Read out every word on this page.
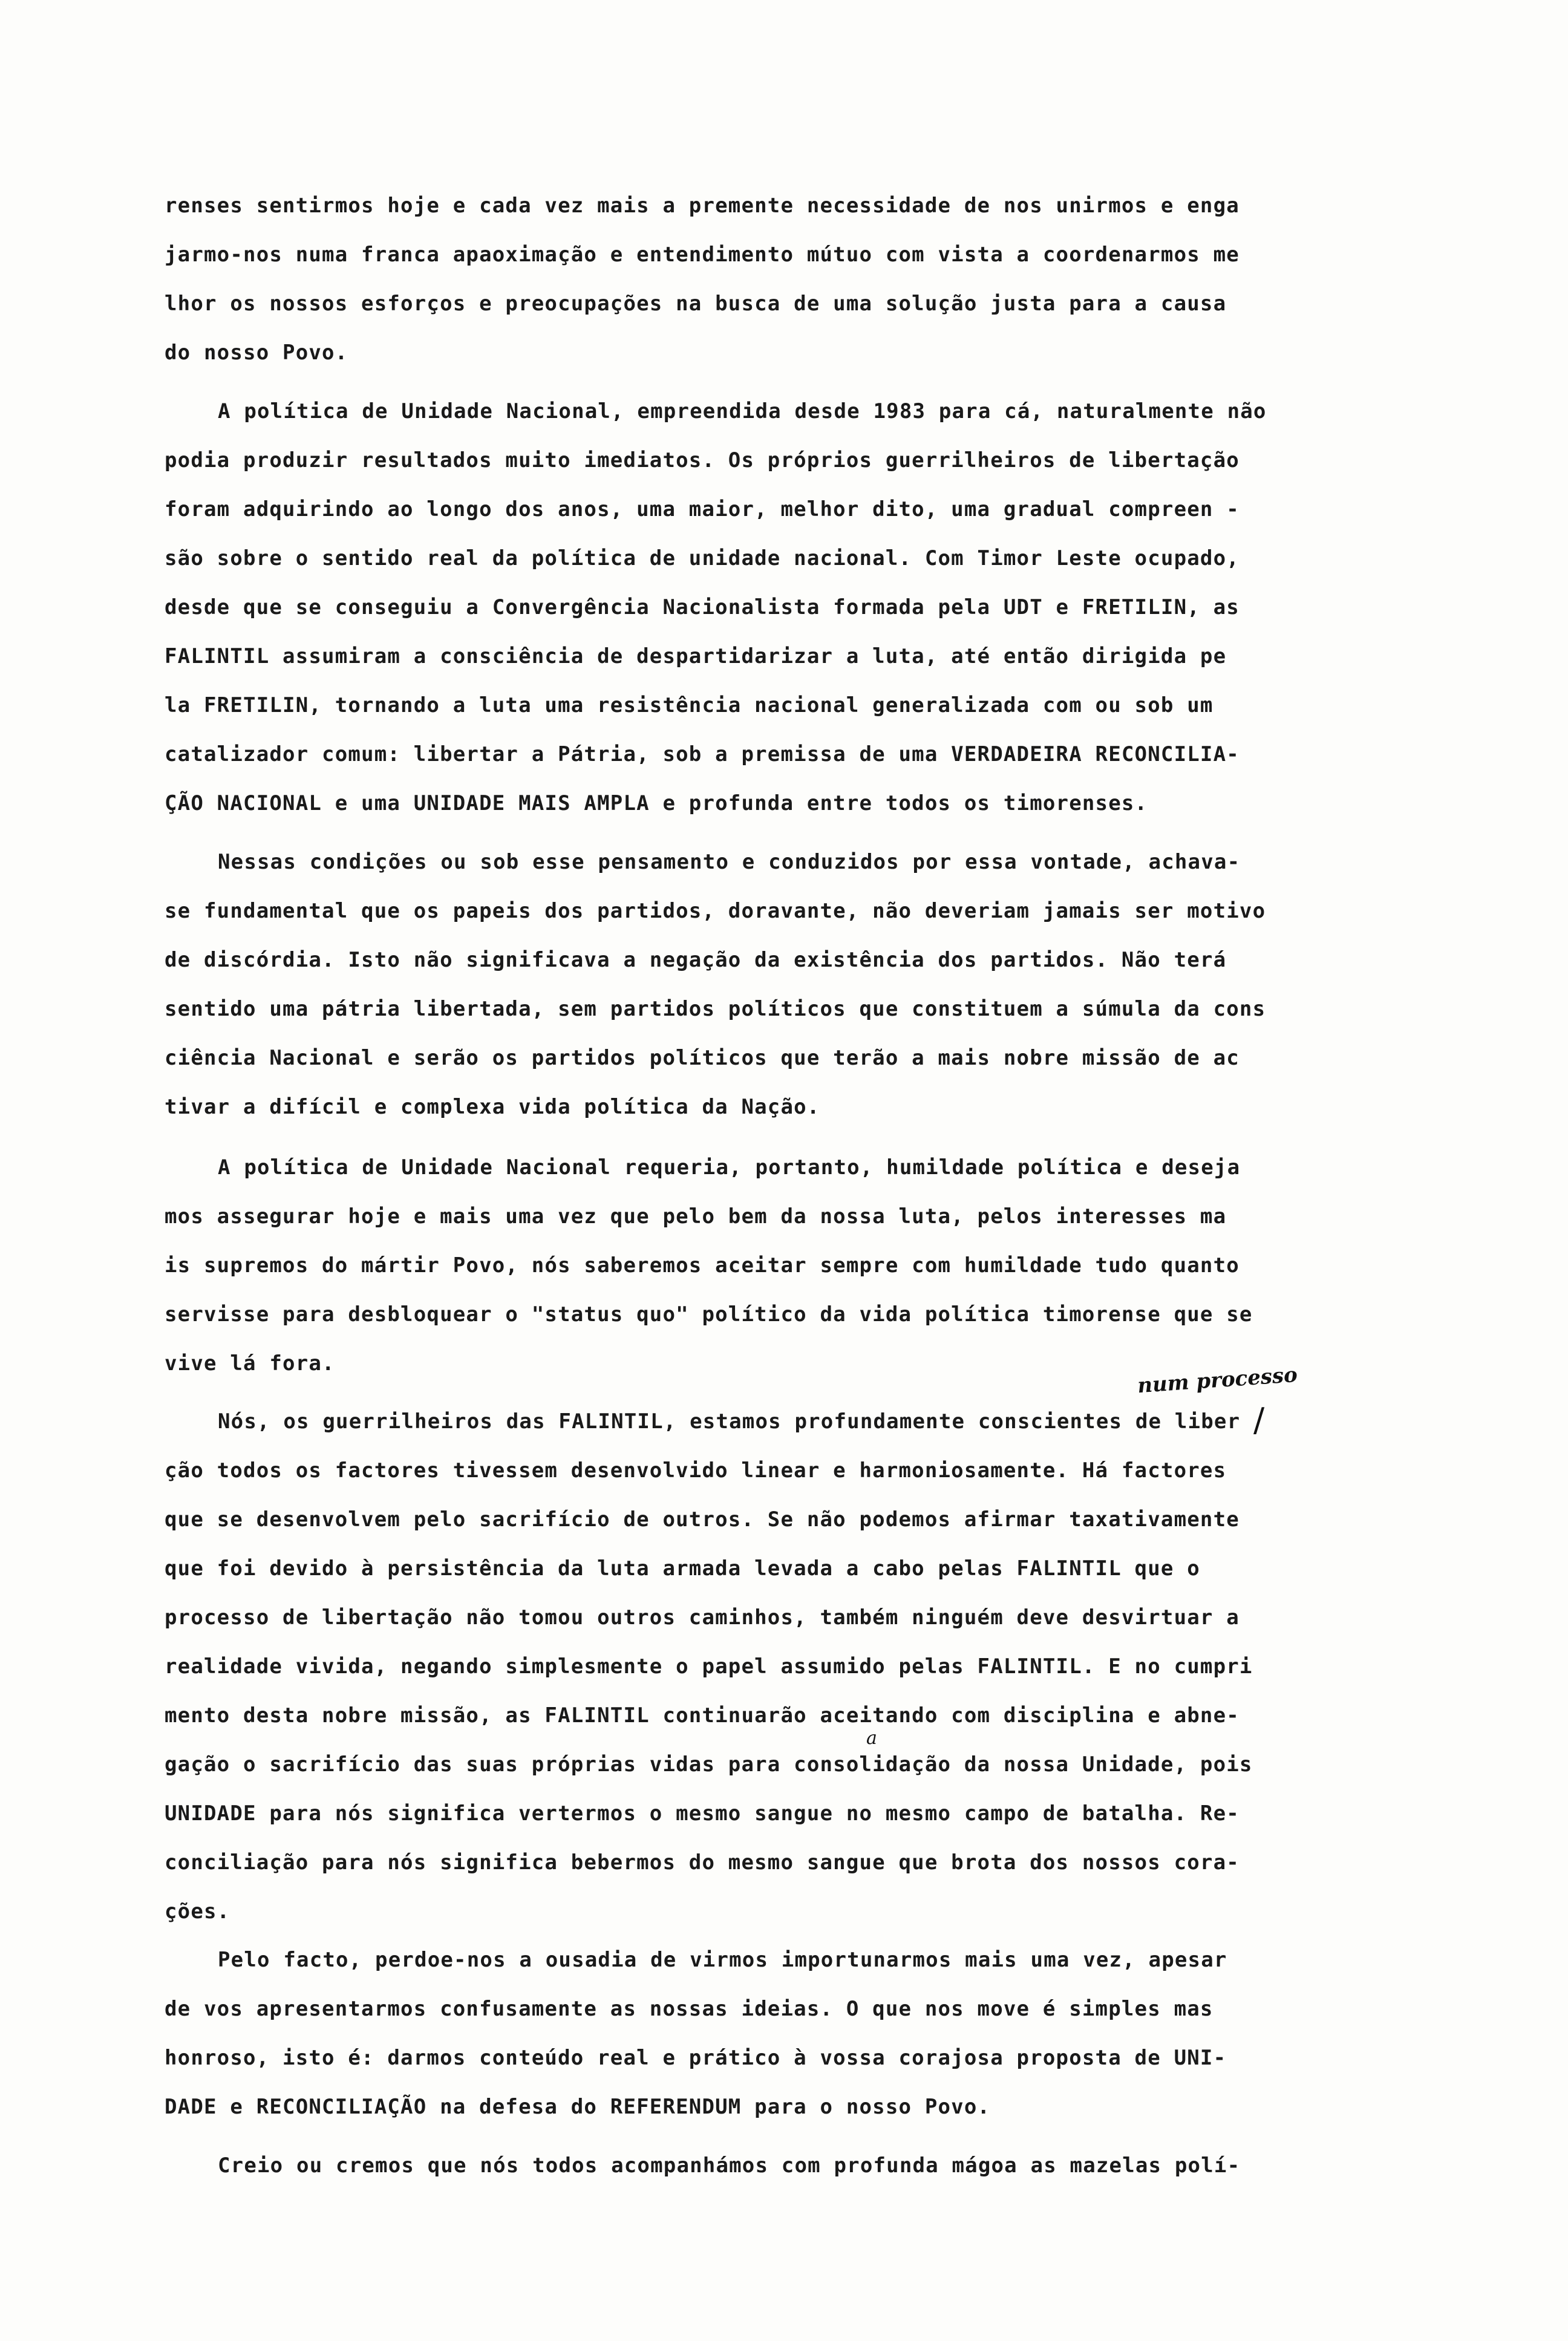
renses sentirmos hoje e cada vez mais a premente necessidade de nos unirmos e enga
jarmo-nos numa franca apaoximação e entendimento mútuo com vista a coordenarmos me
lhor os nossos esforços e preocupações na busca de uma solução justa para a causa
do nosso Povo.
A política de Unidade Nacional, empreendida desde 1983 para cá, naturalmente não
podia produzir resultados muito imediatos. Os próprios guerrilheiros de libertação
foram adquirindo ao longo dos anos, uma maior, melhor dito, uma gradual compreen -
são sobre o sentido real da política de unidade nacional. Com Timor Leste ocupado,
desde que se conseguiu a Convergência Nacionalista formada pela UDT e FRETILIN, as
FALINTIL assumiram a consciência de despartidarizar a luta, até então dirigida pe
la FRETILIN, tornando a luta uma resistência nacional generalizada com ou sob um
catalizador comum: libertar a Pátria, sob a premissa de uma VERDADEIRA RECONCILIA-
ÇÃO NACIONAL e uma UNIDADE MAIS AMPLA e profunda entre todos os timorenses.
Nessas condições ou sob esse pensamento e conduzidos por essa vontade, achava-
se fundamental que os papeis dos partidos, doravante, não deveriam jamais ser motivo
de discórdia. Isto não significava a negação da existência dos partidos. Não terá
sentido uma pátria libertada, sem partidos políticos que constituem a súmula da cons
ciência Nacional e serão os partidos políticos que terão a mais nobre missão de ac
tivar a difícil e complexa vida política da Nação.
A política de Unidade Nacional requeria, portanto, humildade política e deseja
mos assegurar hoje e mais uma vez que pelo bem da nossa luta, pelos interesses ma
is supremos do mártir Povo, nós saberemos aceitar sempre com humildade tudo quanto
servisse para desbloquear o "status quo" político da vida política timorense que se
vive lá fora.
Nós, os guerrilheiros das FALINTIL, estamos profundamente conscientes de liber
ção todos os factores tivessem desenvolvido linear e harmoniosamente. Há factores
que se desenvolvem pelo sacrifício de outros. Se não podemos afirmar taxativamente
que foi devido à persistência da luta armada levada a cabo pelas FALINTIL que o
processo de libertação não tomou outros caminhos, também ninguém deve desvirtuar a
realidade vivida, negando simplesmente o papel assumido pelas FALINTIL. E no cumpri
mento desta nobre missão, as FALINTIL continuarão aceitando com disciplina e abne-
gação o sacrifício das suas próprias vidas para consolidação da nossa Unidade, pois
UNIDADE para nós significa vertermos o mesmo sangue no mesmo campo de batalha. Re-
conciliação para nós significa bebermos do mesmo sangue que brota dos nossos cora-
ções.
Pelo facto, perdoe-nos a ousadia de virmos importunarmos mais uma vez, apesar
de vos apresentarmos confusamente as nossas ideias. O que nos move é simples mas
honroso, isto é: darmos conteúdo real e prático à vossa corajosa proposta de UNI-
DADE e RECONCILIAÇÃO na defesa do REFERENDUM para o nosso Povo.
Creio ou cremos que nós todos acompanhámos com profunda mágoa as mazelas polí-
num processo
/
a
